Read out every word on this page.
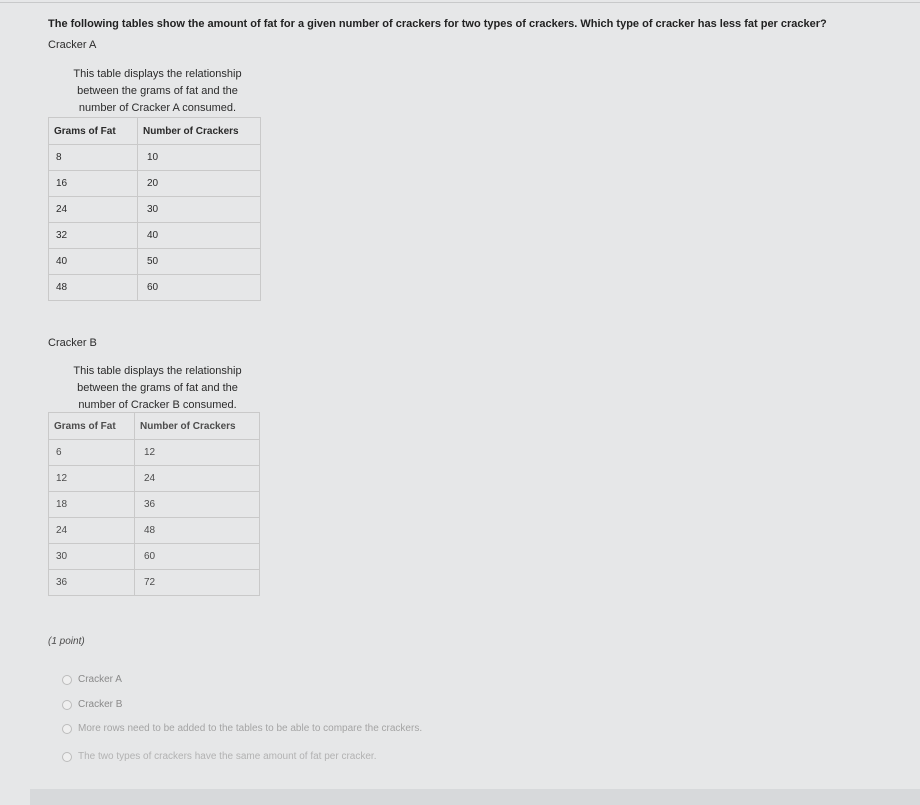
The following tables show the amount of fat for a given number of crackers for two types of crackers. Which type of cracker has less fat per cracker?
Cracker A
This table displays the relationship between the grams of fat and the number of Cracker A consumed.
Grams of Fat	Number of Crackers
8	10
16	20
24	30
32	40
40	50
48	60
Cracker B
This table displays the relationship between the grams of fat and the number of Cracker B consumed.
Grams of Fat	Number of Crackers
6	12
12	24
18	36
24	48
30	60
36	72
(1 point)
Cracker A
Cracker B
More rows need to be added to the tables to be able to compare the crackers.
The two types of crackers have the same amount of fat per cracker.
